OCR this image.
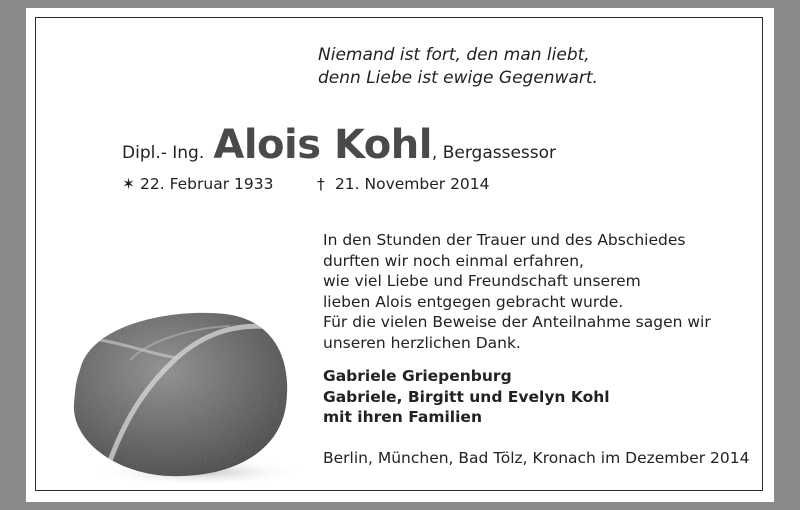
Niemand ist fort, den man liebt,
denn Liebe ist ewige Gegenwart.
Dipl.- Ing. Alois Kohl, Bergassessor
✶ 22. Februar 1933	† 21. November 2014
In den Stunden der Trauer und des Abschiedes
durften wir noch einmal erfahren,
wie viel Liebe und Freundschaft unserem
lieben Alois entgegen gebracht wurde.
Für die vielen Beweise der Anteilnahme sagen wir
unseren herzlichen Dank.
Gabriele Griepenburg
Gabriele, Birgitt und Evelyn Kohl
mit ihren Familien
Berlin, München, Bad Tölz, Kronach im Dezember 2014
